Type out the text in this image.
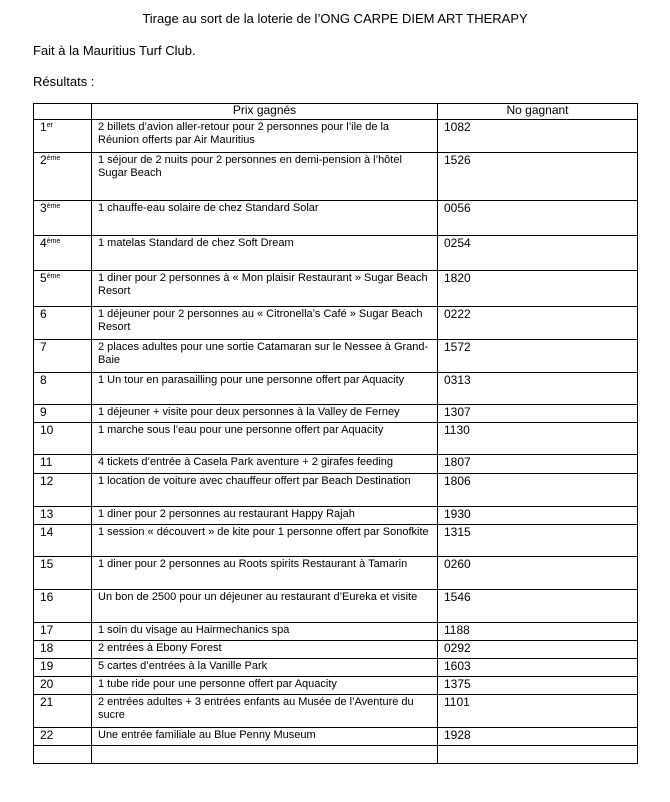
Tirage au sort de la loterie de l’ONG CARPE DIEM ART THERAPY
Fait à la Mauritius Turf Club.
Résultats :
	Prix gagnés	No gagnant
1er	2 billets d’avion aller-retour pour 2 personnes pour l’ile de la Réunion offerts par Air Mauritius	1082
2ème	1 séjour de 2 nuits pour 2 personnes en demi-pension à l’hôtel Sugar Beach	1526
3ème	1 chauffe-eau solaire de chez Standard Solar	0056
4ème	1 matelas Standard de chez Soft Dream	0254
5ème	1 diner pour 2 personnes à « Mon plaisir Restaurant » Sugar Beach Resort	1820
6	1 déjeuner pour 2 personnes au « Citronella’s Café » Sugar Beach Resort	0222
7	2 places adultes pour une sortie Catamaran sur le Nessee à Grand-Baie	1572
8	1 Un tour en parasailling pour une personne offert par Aquacity	0313
9	1 déjeuner + visite pour deux personnes à la Valley de Ferney	1307
10	1 marche sous l’eau pour une personne offert par Aquacity	1130
11	4 tickets d’entrée à Casela Park aventure + 2 girafes feeding	1807
12	1 location de voiture avec chauffeur offert par Beach Destination	1806
13	1 diner pour 2 personnes au restaurant Happy Rajah	1930
14	1 session « découvert » de kite pour 1 personne offert par Sonofkite	1315
15	1 diner pour 2 personnes au Roots spirits Restaurant à Tamarin	0260
16	Un bon de 2500 pour un déjeuner au restaurant d’Eureka et visite	1546
17	1 soin du visage au Hairmechanics spa	1188
18	2 entrées à Ebony Forest	0292
19	5 cartes d’entrées à la Vanille Park	1603
20	1 tube ride pour une personne offert par Aquacity	1375
21	2 entrées adultes + 3 entrées enfants au Musée de l’Aventure du sucre	1101
22	Une entrée familiale au Blue Penny Museum	1928
